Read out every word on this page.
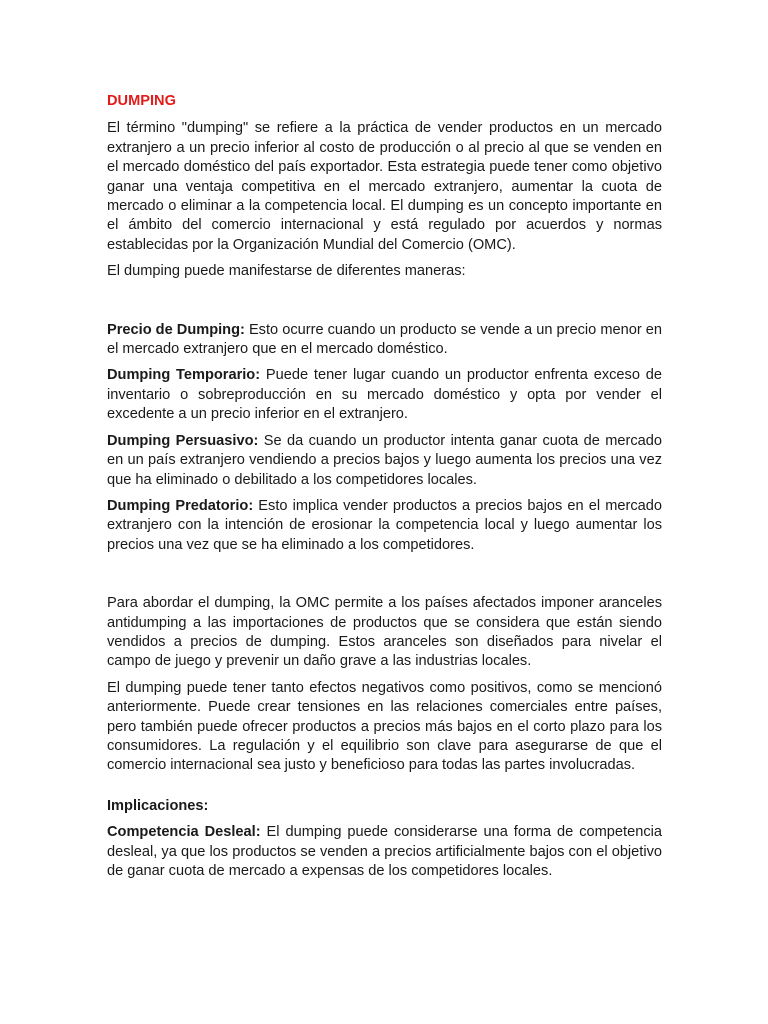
DUMPING

El término "dumping" se refiere a la práctica de vender productos en un mercado extranjero a un precio inferior al costo de producción o al precio al que se venden en el mercado doméstico del país exportador. Esta estrategia puede tener como objetivo ganar una ventaja competitiva en el mercado extranjero, aumentar la cuota de mercado o eliminar a la competencia local. El dumping es un concepto importante en el ámbito del comercio internacional y está regulado por acuerdos y normas establecidas por la Organización Mundial del Comercio (OMC).

El dumping puede manifestarse de diferentes maneras:

Precio de Dumping: Esto ocurre cuando un producto se vende a un precio menor en el mercado extranjero que en el mercado doméstico.

Dumping Temporario: Puede tener lugar cuando un productor enfrenta exceso de inventario o sobreproducción en su mercado doméstico y opta por vender el excedente a un precio inferior en el extranjero.

Dumping Persuasivo: Se da cuando un productor intenta ganar cuota de mercado en un país extranjero vendiendo a precios bajos y luego aumenta los precios una vez que ha eliminado o debilitado a los competidores locales.

Dumping Predatorio: Esto implica vender productos a precios bajos en el mercado extranjero con la intención de erosionar la competencia local y luego aumentar los precios una vez que se ha eliminado a los competidores.

Para abordar el dumping, la OMC permite a los países afectados imponer aranceles antidumping a las importaciones de productos que se considera que están siendo vendidos a precios de dumping. Estos aranceles son diseñados para nivelar el campo de juego y prevenir un daño grave a las industrias locales.

El dumping puede tener tanto efectos negativos como positivos, como se mencionó anteriormente. Puede crear tensiones en las relaciones comerciales entre países, pero también puede ofrecer productos a precios más bajos en el corto plazo para los consumidores. La regulación y el equilibrio son clave para asegurarse de que el comercio internacional sea justo y beneficioso para todas las partes involucradas.

Implicaciones:

Competencia Desleal: El dumping puede considerarse una forma de competencia desleal, ya que los productos se venden a precios artificialmente bajos con el objetivo de ganar cuota de mercado a expensas de los competidores locales.
